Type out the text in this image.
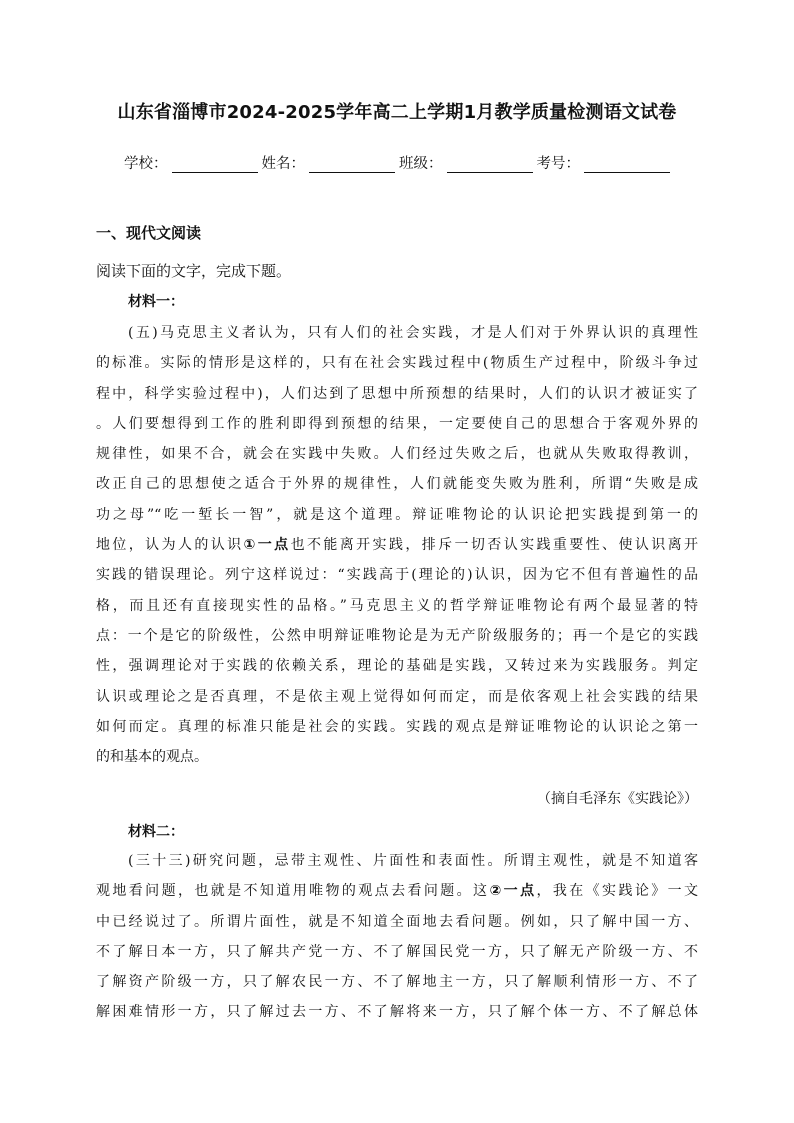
山东省淄博市2024-2025学年高二上学期1月教学质量检测语文试卷
学校：	姓名：	班级：	考号：
一、现代文阅读
阅读下面的文字，完成下题。
材料一：
(五)马克思主义者认为，只有人们的社会实践，才是人们对于外界认识的真理性
的标准。实际的情形是这样的，只有在社会实践过程中(物质生产过程中，阶级斗争过
程中，科学实验过程中)，人们达到了思想中所预想的结果时，人们的认识才被证实了
。人们要想得到工作的胜利即得到预想的结果，一定要使自己的思想合于客观外界的
规律性，如果不合，就会在实践中失败。人们经过失败之后，也就从失败取得教训，
改正自己的思想使之适合于外界的规律性，人们就能变失败为胜利，所谓“失败是成
功之母”“吃一堑长一智”，就是这个道理。辩证唯物论的认识论把实践提到第一的
地位，认为人的认识①一点也不能离开实践，排斥一切否认实践重要性、使认识离开
实践的错误理论。列宁这样说过：“实践高于(理论的)认识，因为它不但有普遍性的品
格，而且还有直接现实性的品格。”马克思主义的哲学辩证唯物论有两个最显著的特
点：一个是它的阶级性，公然申明辩证唯物论是为无产阶级服务的；再一个是它的实践
性，强调理论对于实践的依赖关系，理论的基础是实践，又转过来为实践服务。判定
认识或理论之是否真理，不是依主观上觉得如何而定，而是依客观上社会实践的结果
如何而定。真理的标准只能是社会的实践。实践的观点是辩证唯物论的认识论之第一
的和基本的观点。
（摘自毛泽东《实践论》）
材料二：
(三十三)研究问题，忌带主观性、片面性和表面性。所谓主观性，就是不知道客
观地看问题，也就是不知道用唯物的观点去看问题。这②一点，我在《实践论》一文
中已经说过了。所谓片面性，就是不知道全面地去看问题。例如，只了解中国一方、
不了解日本一方，只了解共产党一方、不了解国民党一方，只了解无产阶级一方、不
了解资产阶级一方，只了解农民一方、不了解地主一方，只了解顺利情形一方、不了
解困难情形一方，只了解过去一方、不了解将来一方，只了解个体一方、不了解总体
